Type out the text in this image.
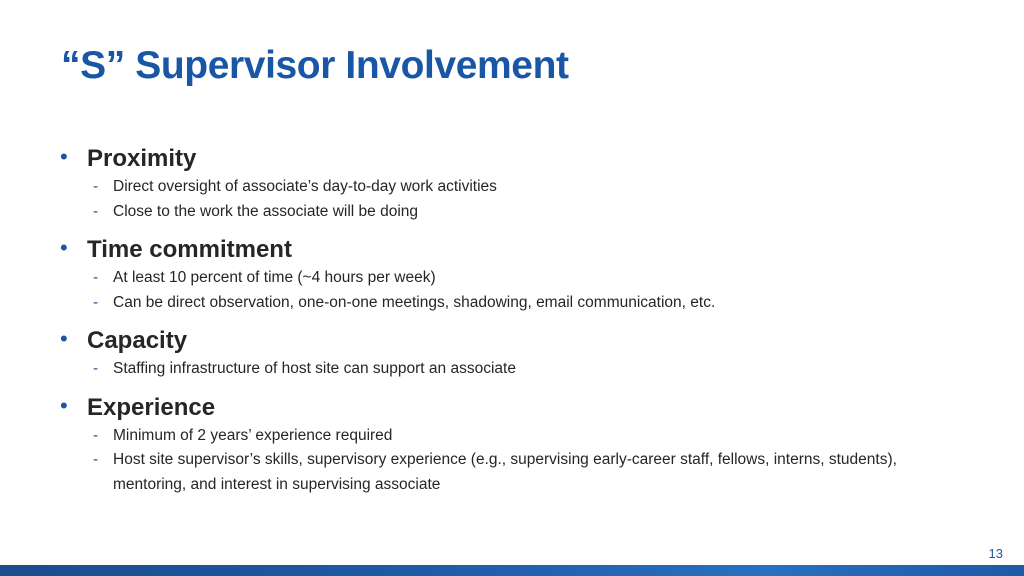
“S” Supervisor Involvement
• Proximity
- Direct oversight of associate’s day-to-day work activities
- Close to the work the associate will be doing
• Time commitment
- At least 10 percent of time (~4 hours per week)
- Can be direct observation, one-on-one meetings, shadowing, email communication, etc.
• Capacity
- Staffing infrastructure of host site can support an associate
• Experience
- Minimum of 2 years’ experience required
- Host site supervisor’s skills, supervisory experience (e.g., supervising early-career staff, fellows, interns, students), mentoring, and interest in supervising associate
13
